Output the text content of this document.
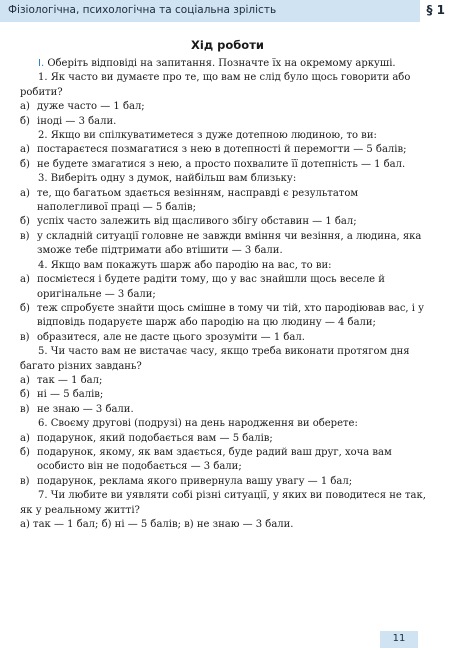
Фізіологічна, психологічна та соціальна зрілість	§ 1
Хід роботи

І. Оберіть відповіді на запитання. Позначте їх на окремому аркуші.

1. Як часто ви думаєте про те, що вам не слід було щось говорити або робити?

а) дуже часто — 1 бал;
б) іноді — 3 бали.

2. Якщо ви спілкуватиметеся з дуже дотепною людиною, то ви:

а) постараєтеся позмагатися з нею в дотепності й перемогти — 5 балів;
б) не будете змагатися з нею, а просто похвалите її дотепність — 1 бал.

3. Виберіть одну з думок, найбільш вам близьку:

а) те, що багатьом здається везінням, насправді є результатом наполегливої праці — 5 балів;
б) успіх часто залежить від щасливого збігу обставин — 1 бал;
в) у складній ситуації головне не завжди вміння чи везіння, а людина, яка зможе тебе підтримати або втішити — 3 бали.

4. Якщо вам покажуть шарж або пародію на вас, то ви:

а) посмієтеся і будете радіти тому, що у вас знайшли щось веселе й оригінальне — 3 бали;
б) теж спробуєте знайти щось смішне в тому чи тій, хто пародіював вас, і у відповідь подаруєте шарж або пародію на цю людину — 4 бали;
в) образитеся, але не дасте цього зрозуміти — 1 бал.

5. Чи часто вам не вистачає часу, якщо треба виконати протягом дня багато різних завдань?

а) так — 1 бал;
б) ні — 5 балів;
в) не знаю — 3 бали.

6. Своєму другові (подрузі) на день народження ви оберете:

а) подарунок, який подобається вам — 5 балів;
б) подарунок, якому, як вам здається, буде радий ваш друг, хоча вам особисто він не подобається — 3 бали;
в) подарунок, реклама якого привернула вашу увагу — 1 бал;

7. Чи любите ви уявляти собі різні ситуації, у яких ви поводитеся не так, як у реальному житті?

а) так — 1 бал; б) ні — 5 балів; в) не знаю — 3 бали.

11
